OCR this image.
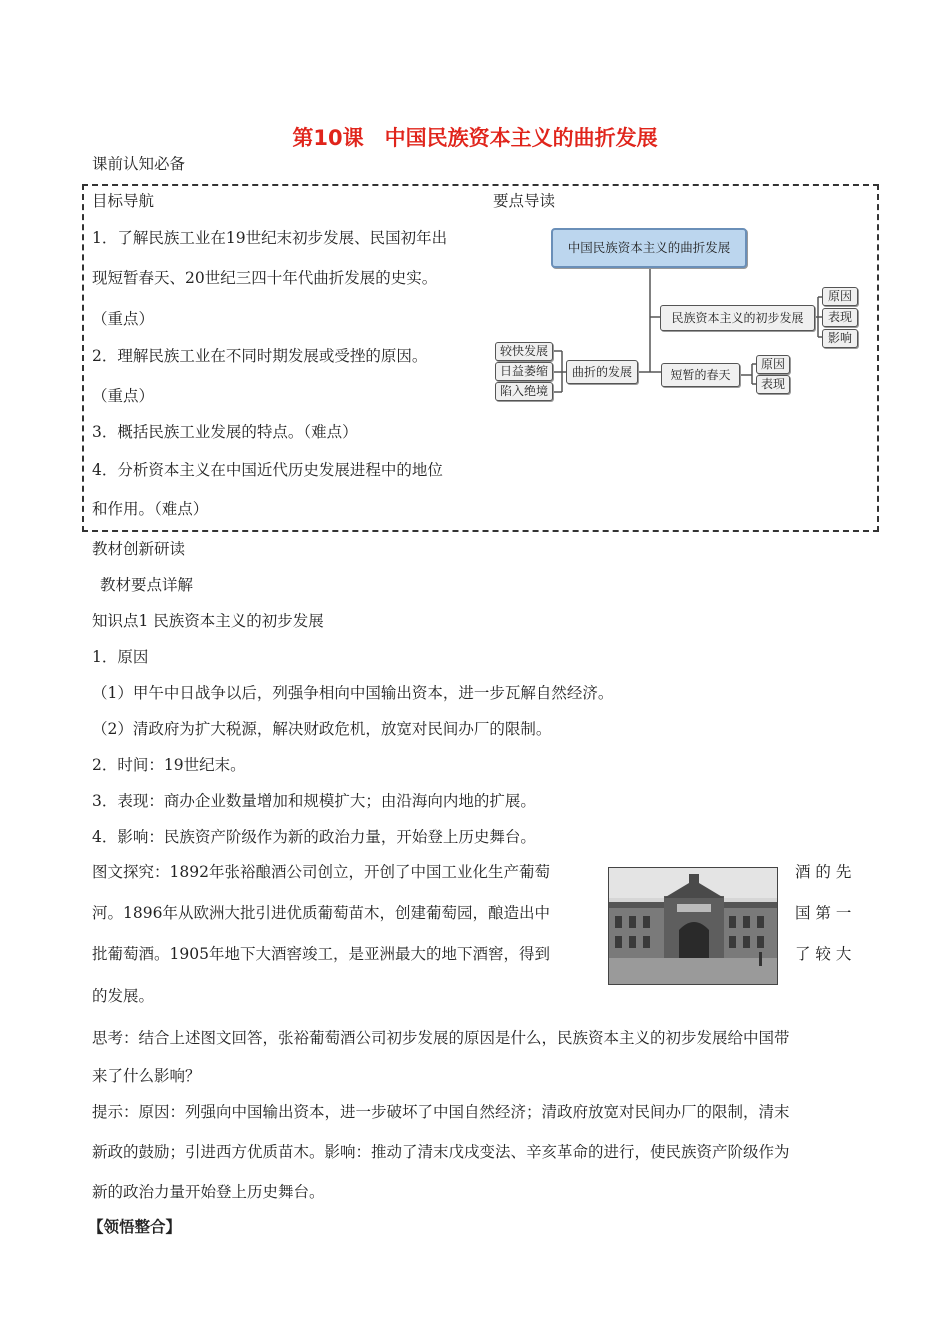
第10课　中国民族资本主义的曲折发展
课前认知必备
目标导航
1．了解民族工业在19世纪末初步发展、民国初年出
现短暂春天、20世纪三四十年代曲折发展的史实。
（重点）
2．理解民族工业在不同时期发展或受挫的原因。
（重点）
3．概括民族工业发展的特点。（难点）
4．分析资本主义在中国近代历史发展进程中的地位
和作用。（难点）
要点导读
中国民族资本主义的曲折发展
民族资本主义的初步发展
原因
表现
影响
短暂的春天
原因
表现
曲折的发展
较快发展
日益萎缩
陷入绝境
教材创新研读
教材要点详解
知识点1 民族资本主义的初步发展
1．原因
（1）甲午中日战争以后，列强争相向中国输出资本，进一步瓦解自然经济。
（2）清政府为扩大税源，解决财政危机，放宽对民间办厂的限制。
2．时间：19世纪末。
3．表现：商办企业数量增加和规模扩大；由沿海向内地的扩展。
4．影响：民族资产阶级作为新的政治力量，开始登上历史舞台。
图文探究：1892年张裕酿酒公司创立，开创了中国工业化生产葡萄
河。1896年从欧洲大批引进优质葡萄苗木，创建葡萄园，酿造出中
批葡萄酒。1905年地下大酒窖竣工，是亚洲最大的地下酒窖，得到
酒 的 先
国 第 一
了 较 大
的发展。
思考：结合上述图文回答，张裕葡萄酒公司初步发展的原因是什么，民族资本主义的初步发展给中国带
来了什么影响？
提示：原因：列强向中国输出资本，进一步破坏了中国自然经济；清政府放宽对民间办厂的限制，清末
新政的鼓励；引进西方优质苗木。影响：推动了清末戊戌变法、辛亥革命的进行，使民族资产阶级作为
新的政治力量开始登上历史舞台。
【领悟整合】
